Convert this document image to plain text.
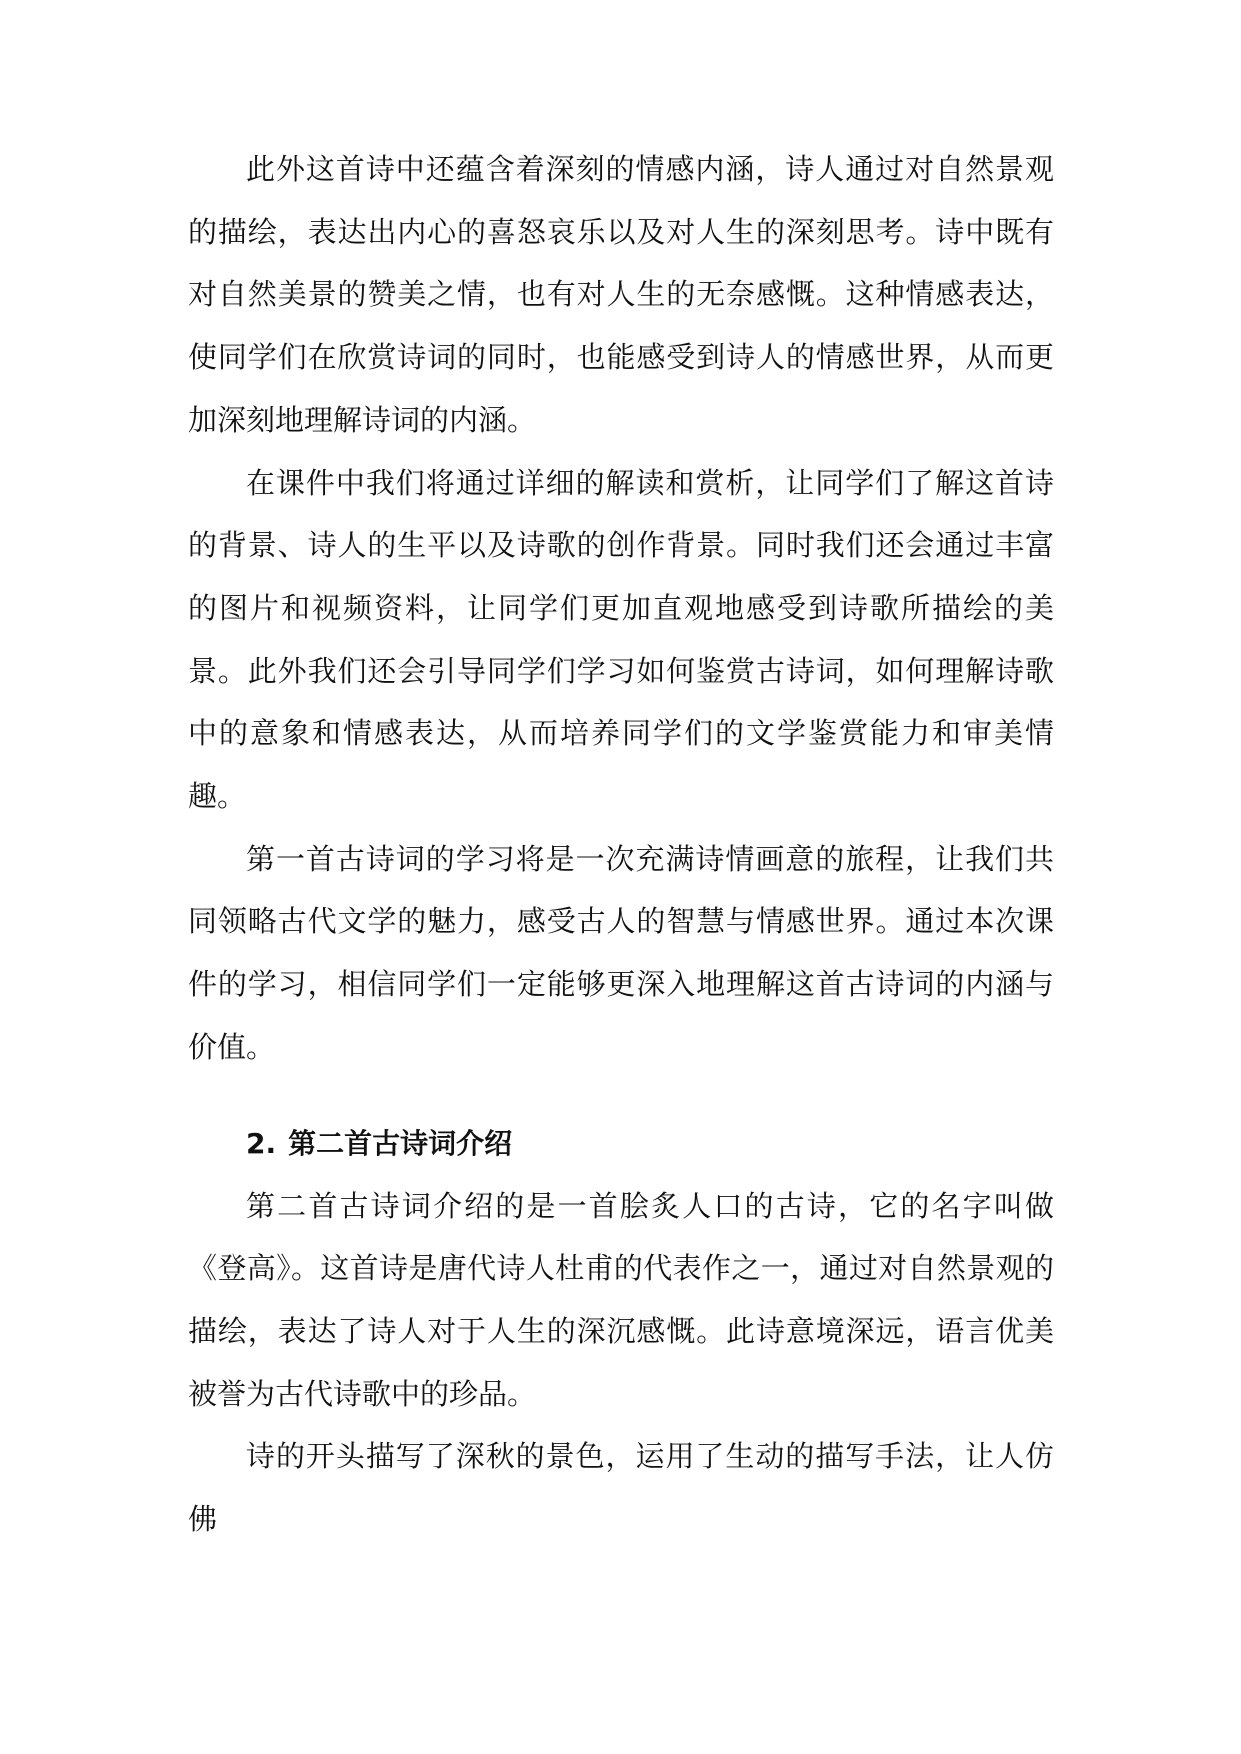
此外这首诗中还蕴含着深刻的情感内涵，诗人通过对自然景观的描绘，表达出内心的喜怒哀乐以及对人生的深刻思考。诗中既有对自然美景的赞美之情，也有对人生的无奈感慨。这种情感表达，使同学们在欣赏诗词的同时，也能感受到诗人的情感世界，从而更加深刻地理解诗词的内涵。

在课件中我们将通过详细的解读和赏析，让同学们了解这首诗的背景、诗人的生平以及诗歌的创作背景。同时我们还会通过丰富的图片和视频资料，让同学们更加直观地感受到诗歌所描绘的美景。此外我们还会引导同学们学习如何鉴赏古诗词，如何理解诗歌中的意象和情感表达，从而培养同学们的文学鉴赏能力和审美情趣。

第一首古诗词的学习将是一次充满诗情画意的旅程，让我们共同领略古代文学的魅力，感受古人的智慧与情感世界。通过本次课件的学习，相信同学们一定能够更深入地理解这首古诗词的内涵与价值。

2. 第二首古诗词介绍

第二首古诗词介绍的是一首脍炙人口的古诗，它的名字叫做《登高》。这首诗是唐代诗人杜甫的代表作之一，通过对自然景观的描绘，表达了诗人对于人生的深沉感慨。此诗意境深远，语言优美被誉为古代诗歌中的珍品。

诗的开头描写了深秋的景色，运用了生动的描写手法，让人仿佛
